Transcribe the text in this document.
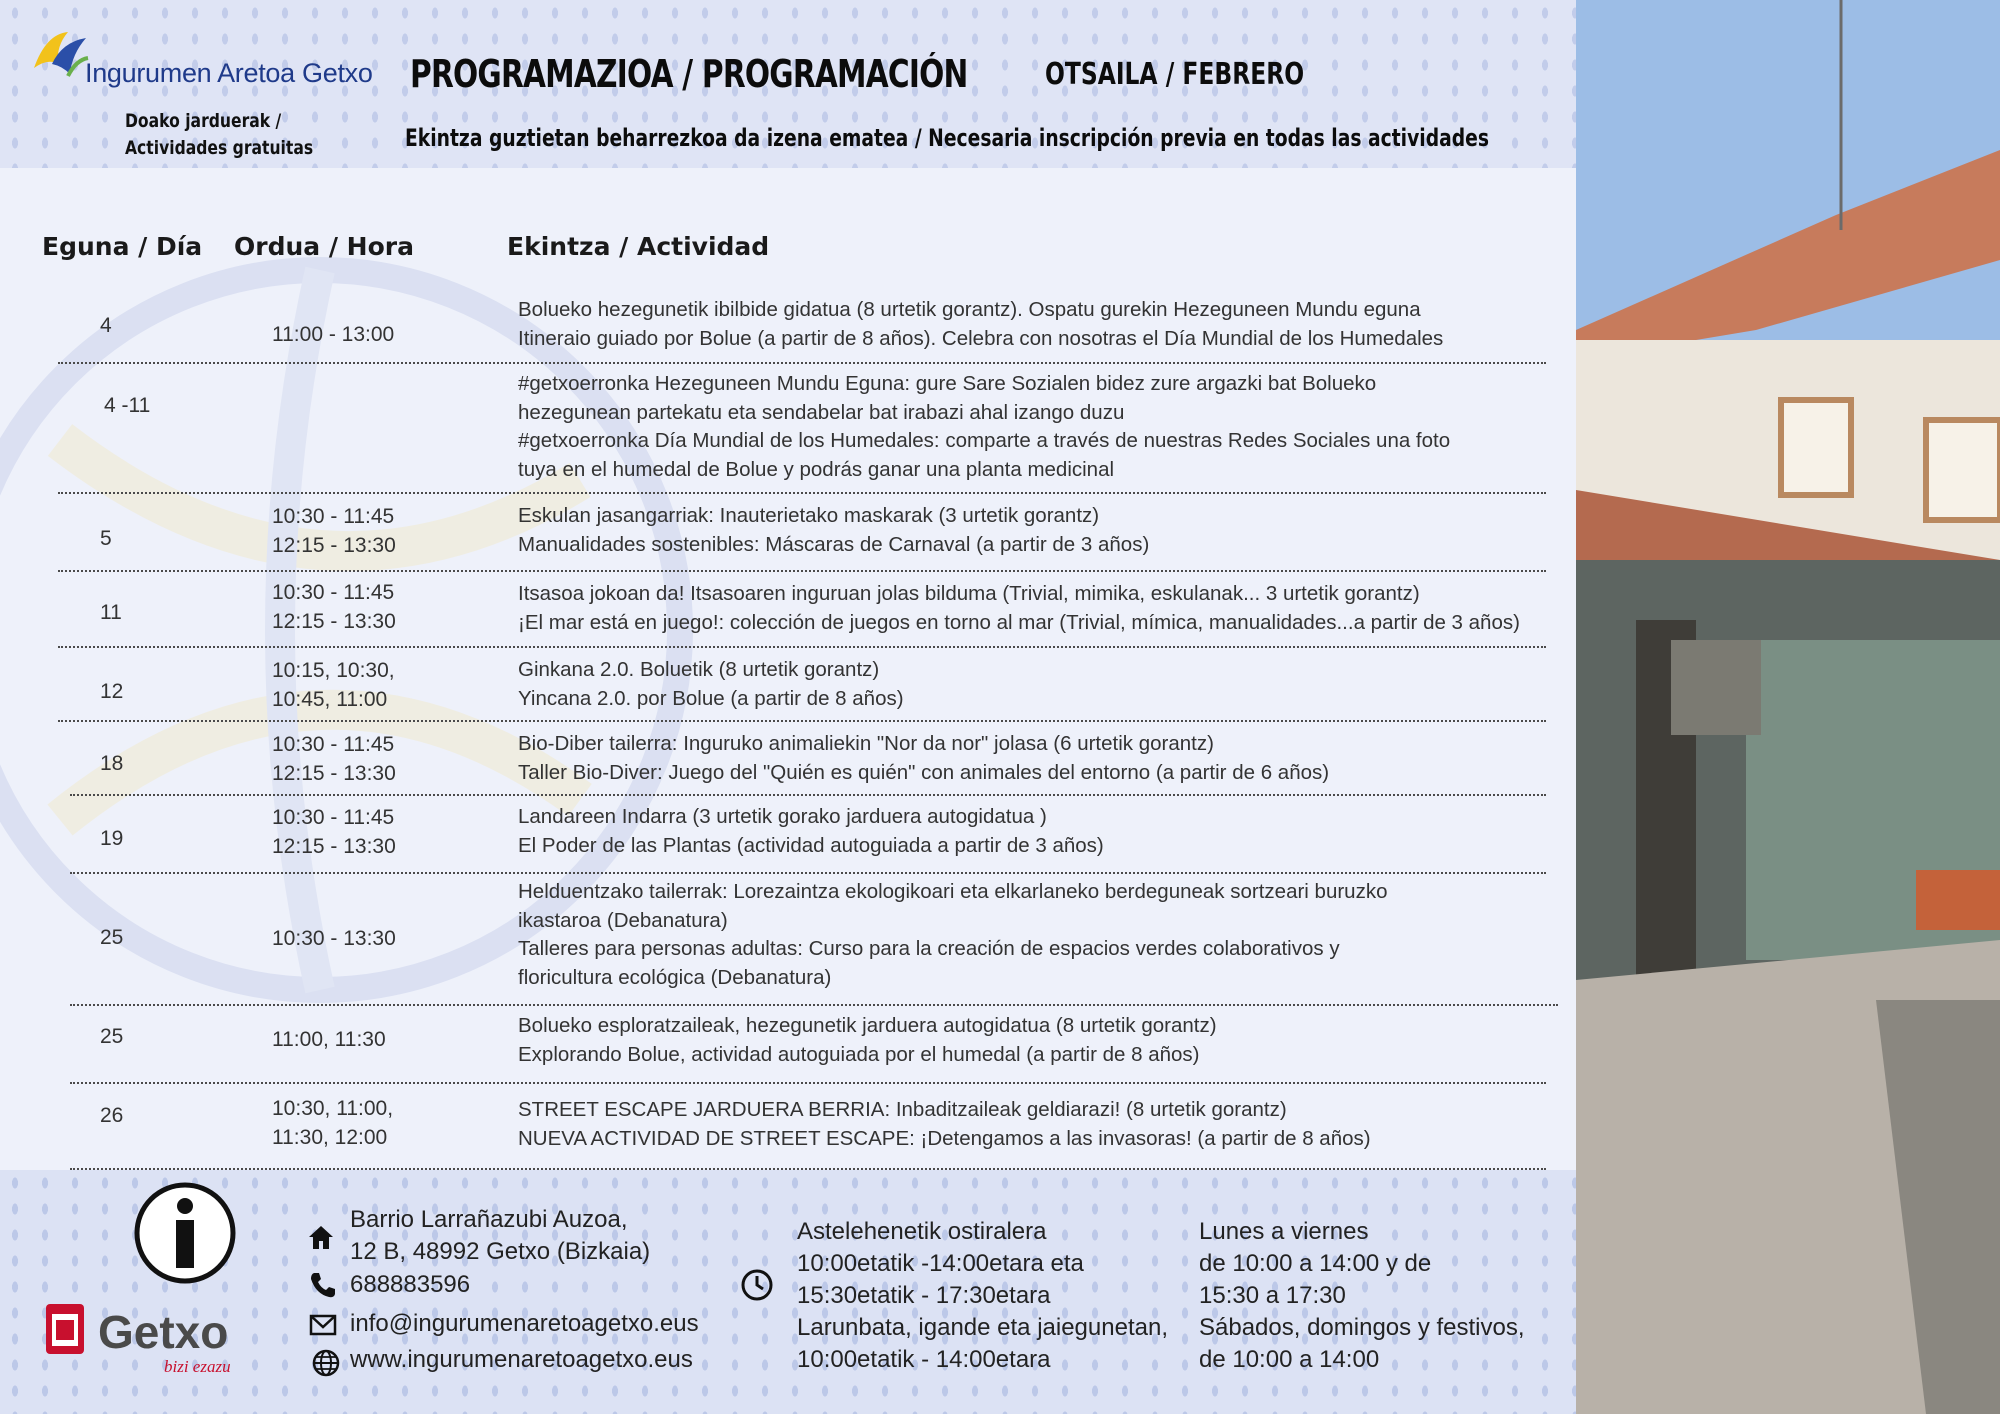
Ingurumen Aretoa Getxo
Doako jarduerak /
Actividades gratuitas
PROGRAMAZIOA / PROGRAMACIÓN	OTSAILA / FEBRERO
Ekintza guztietan beharrezkoa da izena ematea / Necesaria inscripción previa en todas las actividades
Eguna / Día Ordua / Hora	Ekintza / Actividad
4	11:00 - 13:00
Bolueko hezegunetik ibilbide gidatua (8 urtetik gorantz). Ospatu gurekin Hezeguneen Mundu eguna
Itineraio guiado por Bolue (a partir de 8 años). Celebra con nosotras el Día Mundial de los Humedales
4 -11
#getxoerronka Hezeguneen Mundu Eguna: gure Sare Sozialen bidez zure argazki bat Bolueko
hezegunean partekatu eta sendabelar bat irabazi ahal izango duzu
#getxoerronka Día Mundial de los Humedales: comparte a través de nuestras Redes Sociales una foto
tuya en el humedal de Bolue y podrás ganar una planta medicinal
5
10:30 - 11:45
12:15 - 13:30
Eskulan jasangarriak: Inauterietako maskarak (3 urtetik gorantz)
Manualidades sostenibles: Máscaras de Carnaval (a partir de 3 años)
11
10:30 - 11:45
12:15 - 13:30
Itsasoa jokoan da! Itsasoaren inguruan jolas bilduma (Trivial, mimika, eskulanak... 3 urtetik gorantz)
¡El mar está en juego!: colección de juegos en torno al mar (Trivial, mímica, manualidades...a partir de 3 años)
12
10:15, 10:30,
10:45, 11:00
Ginkana 2.0. Boluetik (8 urtetik gorantz)
Yincana 2.0. por Bolue (a partir de 8 años)
18
10:30 - 11:45
12:15 - 13:30
Bio-Diber tailerra: Inguruko animaliekin "Nor da nor" jolasa (6 urtetik gorantz)
Taller Bio-Diver: Juego del "Quién es quién" con animales del entorno (a partir de 6 años)
19
10:30 - 11:45
12:15 - 13:30
Landareen Indarra (3 urtetik gorako jarduera autogidatua )
El Poder de las Plantas (actividad autoguiada a partir de 3 años)
25	10:30 - 13:30
Helduentzako tailerrak: Lorezaintza ekologikoari eta elkarlaneko berdeguneak sortzeari buruzko
ikastaroa (Debanatura)
Talleres para personas adultas: Curso para la creación de espacios verdes colaborativos y
floricultura ecológica (Debanatura)
25	11:00, 11:30
Bolueko esploratzaileak, hezegunetik jarduera autogidatua (8 urtetik gorantz)
Explorando Bolue, actividad autoguiada por el humedal (a partir de 8 años)
26	10:30, 11:00,
11:30, 12:00
STREET ESCAPE JARDUERA BERRIA: Inbaditzaileak geldiarazi! (8 urtetik gorantz)
NUEVA ACTIVIDAD DE STREET ESCAPE: ¡Detengamos a las invasoras! (a partir de 8 años)
Getxo
bizi ezazu
Barrio Larrañazubi Auzoa,
12 B, 48992 Getxo (Bizkaia)
688883596
info@ingurumenaretoagetxo.eus
www.ingurumenaretoagetxo.eus
Astelehenetik ostiralera
10:00etatik -14:00etara eta
15:30etatik - 17:30etara
Larunbata, igande eta jaiegunetan,
10:00etatik - 14:00etara
Lunes a viernes
de 10:00 a 14:00 y de
15:30 a 17:30
Sábados, domingos y festivos,
de 10:00 a 14:00
